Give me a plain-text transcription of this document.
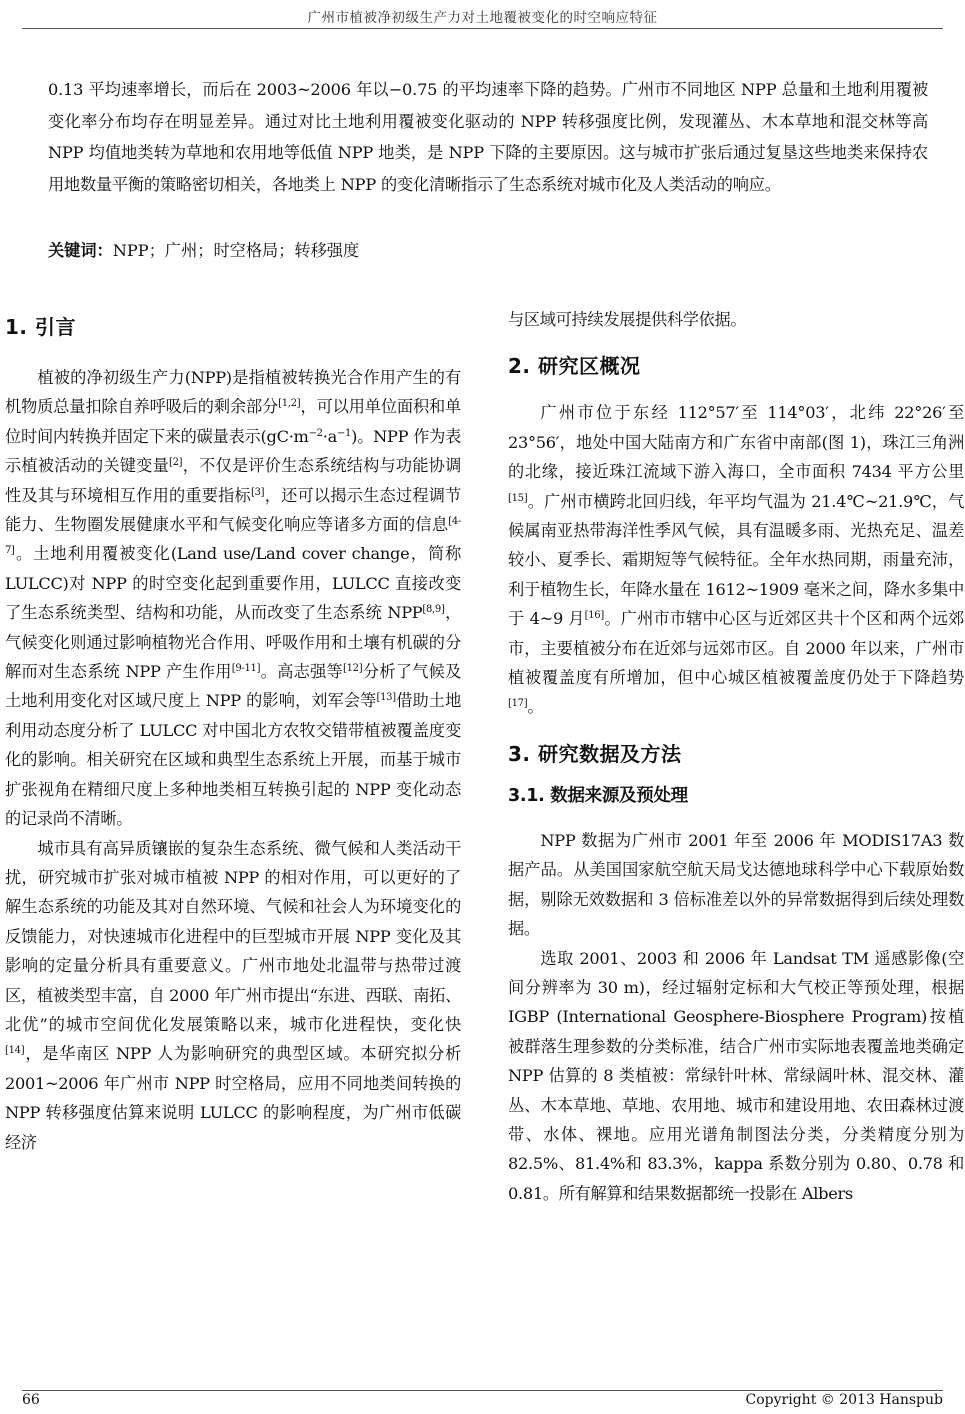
广州市植被净初级生产力对土地覆被变化的时空响应特征

0.13 平均速率增长，而后在 2003~2006 年以−0.75 的平均速率下降的趋势。广州市不同地区 NPP 总量和土地利用覆被变化率分布均存在明显差异。通过对比土地利用覆被变化驱动的 NPP 转移强度比例，发现灌丛、木本草地和混交林等高 NPP 均值地类转为草地和农用地等低值 NPP 地类，是 NPP 下降的主要原因。这与城市扩张后通过复垦这些地类来保持农用地数量平衡的策略密切相关，各地类上 NPP 的变化清晰指示了生态系统对城市化及人类活动的响应。

关键词：NPP；广州；时空格局；转移强度
1. 引言

植被的净初级生产力(NPP)是指植被转换光合作用产生的有机物质总量扣除自养呼吸后的剩余部分[1,2]，可以用单位面积和单位时间内转换并固定下来的碳量表示$(gC\cdot m^{-2}\cdot a^{-1})$。NPP 作为表示植被活动的关键变量[2]，不仅是评价生态系统结构与功能协调性及其与环境相互作用的重要指标[3]，还可以揭示生态过程调节能力、生物圈发展健康水平和气候变化响应等诸多方面的信息[4-7]。土地利用覆被变化(Land use/Land cover change，简称 LULCC)对 NPP 的时空变化起到重要作用，LULCC 直接改变了生态系统类型、结构和功能，从而改变了生态系统 NPP[8,9]，气候变化则通过影响植物光合作用、呼吸作用和土壤有机碳的分解而对生态系统 NPP 产生作用[9-11]。高志强等[12]分析了气候及土地利用变化对区域尺度上 NPP 的影响，刘军会等[13]借助土地利用动态度分析了 LULCC 对中国北方农牧交错带植被覆盖度变化的影响。相关研究在区域和典型生态系统上开展，而基于城市扩张视角在精细尺度上多种地类相互转换引起的 NPP 变化动态的记录尚不清晰。

城市具有高异质镶嵌的复杂生态系统、微气候和人类活动干扰，研究城市扩张对城市植被 NPP 的相对作用，可以更好的了解生态系统的功能及其对自然环境、气候和社会人为环境变化的反馈能力，对快速城市化进程中的巨型城市开展 NPP 变化及其影响的定量分析具有重要意义。广州市地处北温带与热带过渡区，植被类型丰富，自 2000 年广州市提出“东进、西联、南拓、北优”的城市空间优化发展策略以来，城市化进程快，变化快[14]，是华南区 NPP 人为影响研究的典型区域。本研究拟分析 2001~2006 年广州市 NPP 时空格局，应用不同地类间转换的 NPP 转移强度估算来说明 LULCC 的影响程度，为广州市低碳经济

与区域可持续发展提供科学依据。

2. 研究区概况

广州市位于东经 112°57′至 114°03′，北纬 22°26′至 23°56′，地处中国大陆南方和广东省中南部(图 1)，珠江三角洲的北缘，接近珠江流域下游入海口，全市面积 7434 平方公里[15]。广州市横跨北回归线，年平均气温为 21.4℃~21.9℃，气候属南亚热带海洋性季风气候，具有温暖多雨、光热充足、温差较小、夏季长、霜期短等气候特征。全年水热同期，雨量充沛，利于植物生长，年降水量在 1612~1909 毫米之间，降水多集中于 4~9 月[16]。广州市市辖中心区与近郊区共十个区和两个远郊市，主要植被分布在近郊与远郊市区。自 2000 年以来，广州市植被覆盖度有所增加，但中心城区植被覆盖度仍处于下降趋势[17]。

3. 研究数据及方法
3.1. 数据来源及预处理

NPP 数据为广州市 2001 年至 2006 年 MODIS17A3 数据产品。从美国国家航空航天局戈达德地球科学中心下载原始数据，剔除无效数据和 3 倍标准差以外的异常数据得到后续处理数据。

选取 2001、2003 和 2006 年 Landsat TM 遥感影像(空间分辨率为 30 m)，经过辐射定标和大气校正等预处理，根据 IGBP (International Geosphere-Biosphere Program)按植被群落生理参数的分类标准，结合广州市实际地表覆盖地类确定 NPP 估算的 8 类植被：常绿针叶林、常绿阔叶林、混交林、灌丛、木本草地、草地、农用地、城市和建设用地、农田森林过渡带、水体、裸地。应用光谱角制图法分类，分类精度分别为 82.5%、81.4%和 83.3%，kappa 系数分别为 0.80、0.78 和 0.81。所有解算和结果数据都统一投影在 Albers

66	Copyright © 2013 Hanspub
